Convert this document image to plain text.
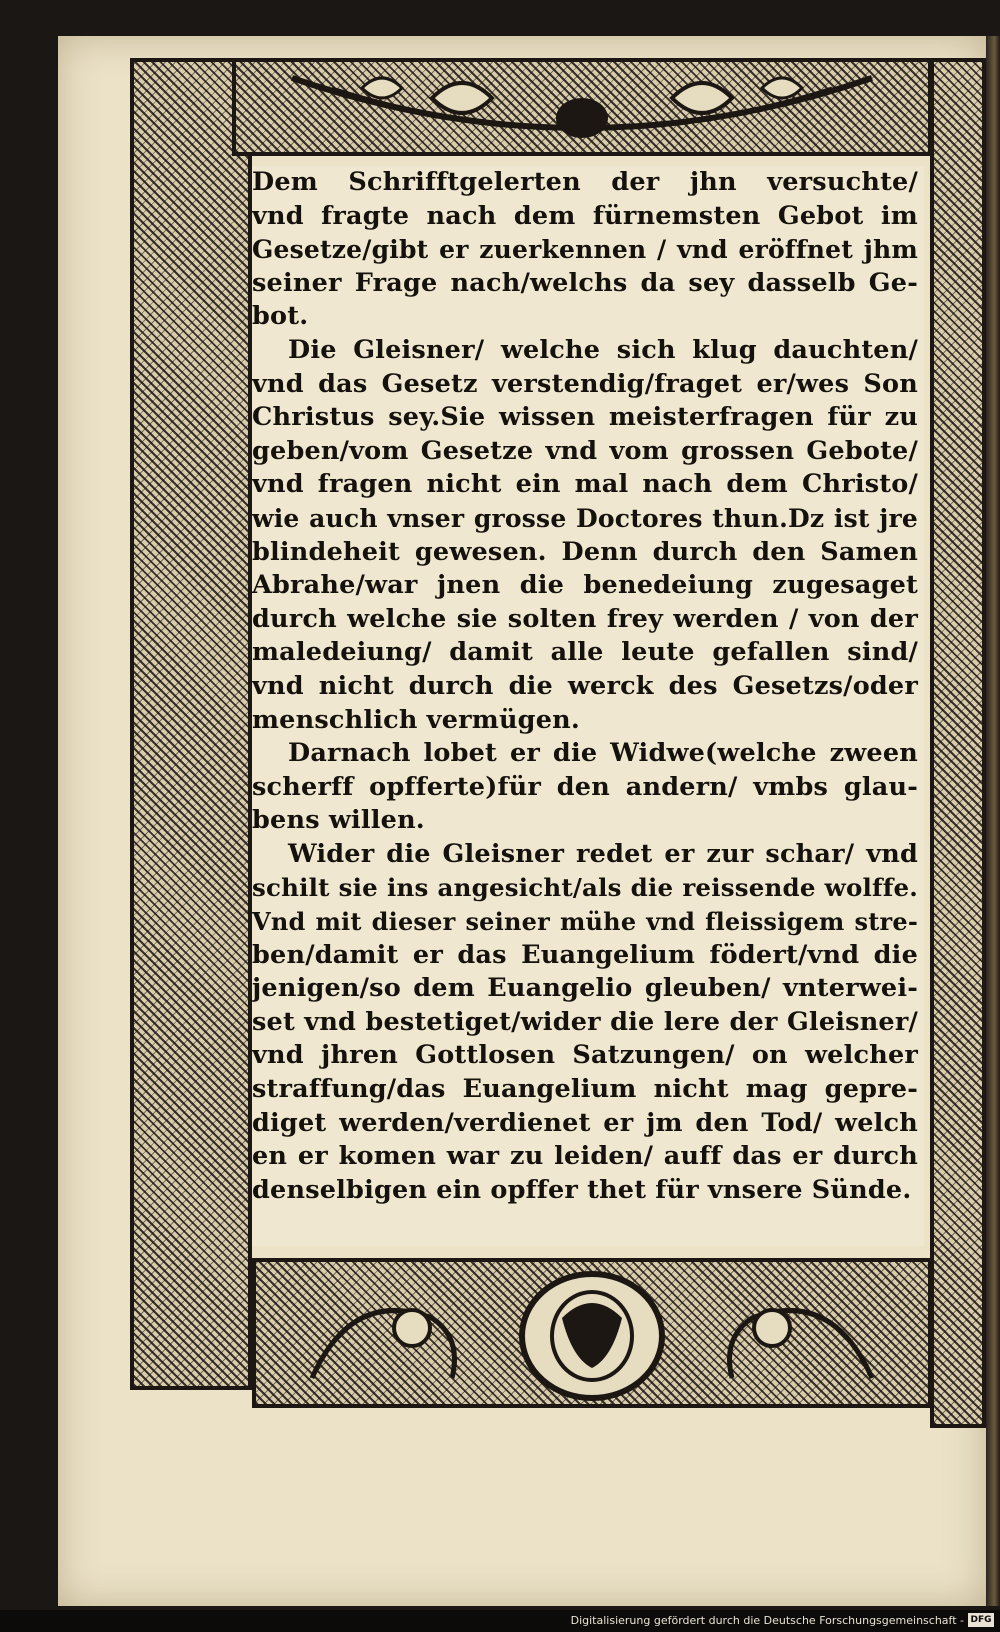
Dem Schrifftgelerten der jhn versuchte/
vnd fragte nach dem fürnemsten Gebot im
Gesetze/gibt er zuerkennen / vnd eröffnet jhm
seiner Frage nach/welchs da sey dasselb Ge-
bot.
Die Gleisner/ welche sich klug dauchten/
vnd das Gesetz verstendig/fraget er/wes Son
Christus sey.Sie wissen meisterfragen für zu
geben/vom Gesetze vnd vom grossen Gebote/
vnd fragen nicht ein mal nach dem Christo/
wie auch vnser grosse Doctores thun.Dz ist jre
blindeheit gewesen. Denn durch den Samen
Abrahe/war jnen die benedeiung zugesaget
durch welche sie solten frey werden / von der
maledeiung/ damit alle leute gefallen sind/
vnd nicht durch die werck des Gesetzs/oder
menschlich vermügen.
Darnach lobet er die Widwe(welche zween
scherff opfferte)für den andern/ vmbs glau-
bens willen.
Wider die Gleisner redet er zur schar/ vnd
schilt sie ins angesicht/als die reissende wolffe.
Vnd mit dieser seiner mühe vnd fleissigem stre-
ben/damit er das Euangelium födert/vnd die
jenigen/so dem Euangelio gleuben/ vnterwei-
set vnd bestetiget/wider die lere der Gleisner/
vnd jhren Gottlosen Satzungen/ on welcher
straffung/das Euangelium nicht mag gepre-
diget werden/verdienet er jm den Tod/ welch
en er komen war zu leiden/ auff das er durch
denselbigen ein opffer thet für vnsere Sünde.
Digitalisierung gefördert durch die Deutsche Forschungsgemeinschaft - DFG
